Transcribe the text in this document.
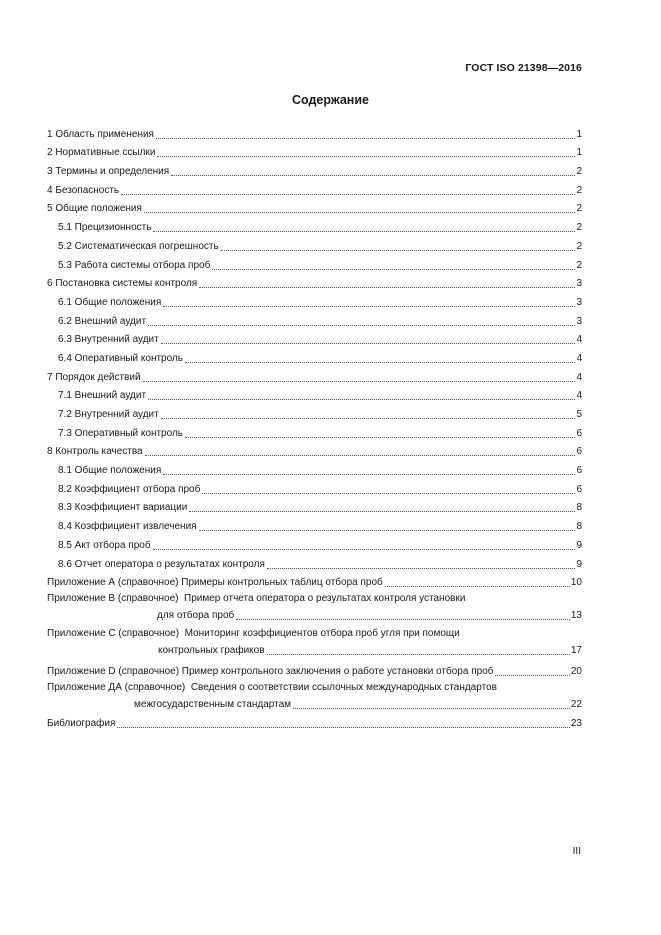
ГОСТ ISO 21398—2016
Содержание
1 Область применения	1
2 Нормативные ссылки	1
3 Термины и определения	2
4 Безопасность	2
5 Общие положения	2
5.1 Прецизионность	2
5.2 Систематическая погрешность	2
5.3 Работа системы отбора проб	2
6 Постановка системы контроля	3
6.1 Общие положения	3
6.2 Внешний аудит	3
6.3 Внутренний аудит	4
6.4 Оперативный контроль	4
7 Порядок действий	4
7.1 Внешний аудит	4
7.2 Внутренний аудит	5
7.3 Оперативный контроль	6
8 Контроль качества	6
8.1 Общие положения	6
8.2 Коэффициент отбора проб	6
8.3 Коэффициент вариации	8
8.4 Коэффициент извлечения	8
8.5 Акт отбора проб	9
8.6 Отчет оператора о результатах контроля	9
Приложение А (справочное) Примеры контрольных таблиц отбора проб	10
Приложение В (справочное) Пример отчета оператора о результатах контроля установки
для отбора проб	13
Приложение С (справочное) Мониторинг коэффициентов отбора проб угля при помощи
контрольных графиков	17
Приложение D (справочное) Пример контрольного заключения о работе установки отбора проб	20
Приложение ДА (справочное) Сведения о соответствии ссылочных международных стандартов
межгосударственным стандартам	22
Библиография	23
III
